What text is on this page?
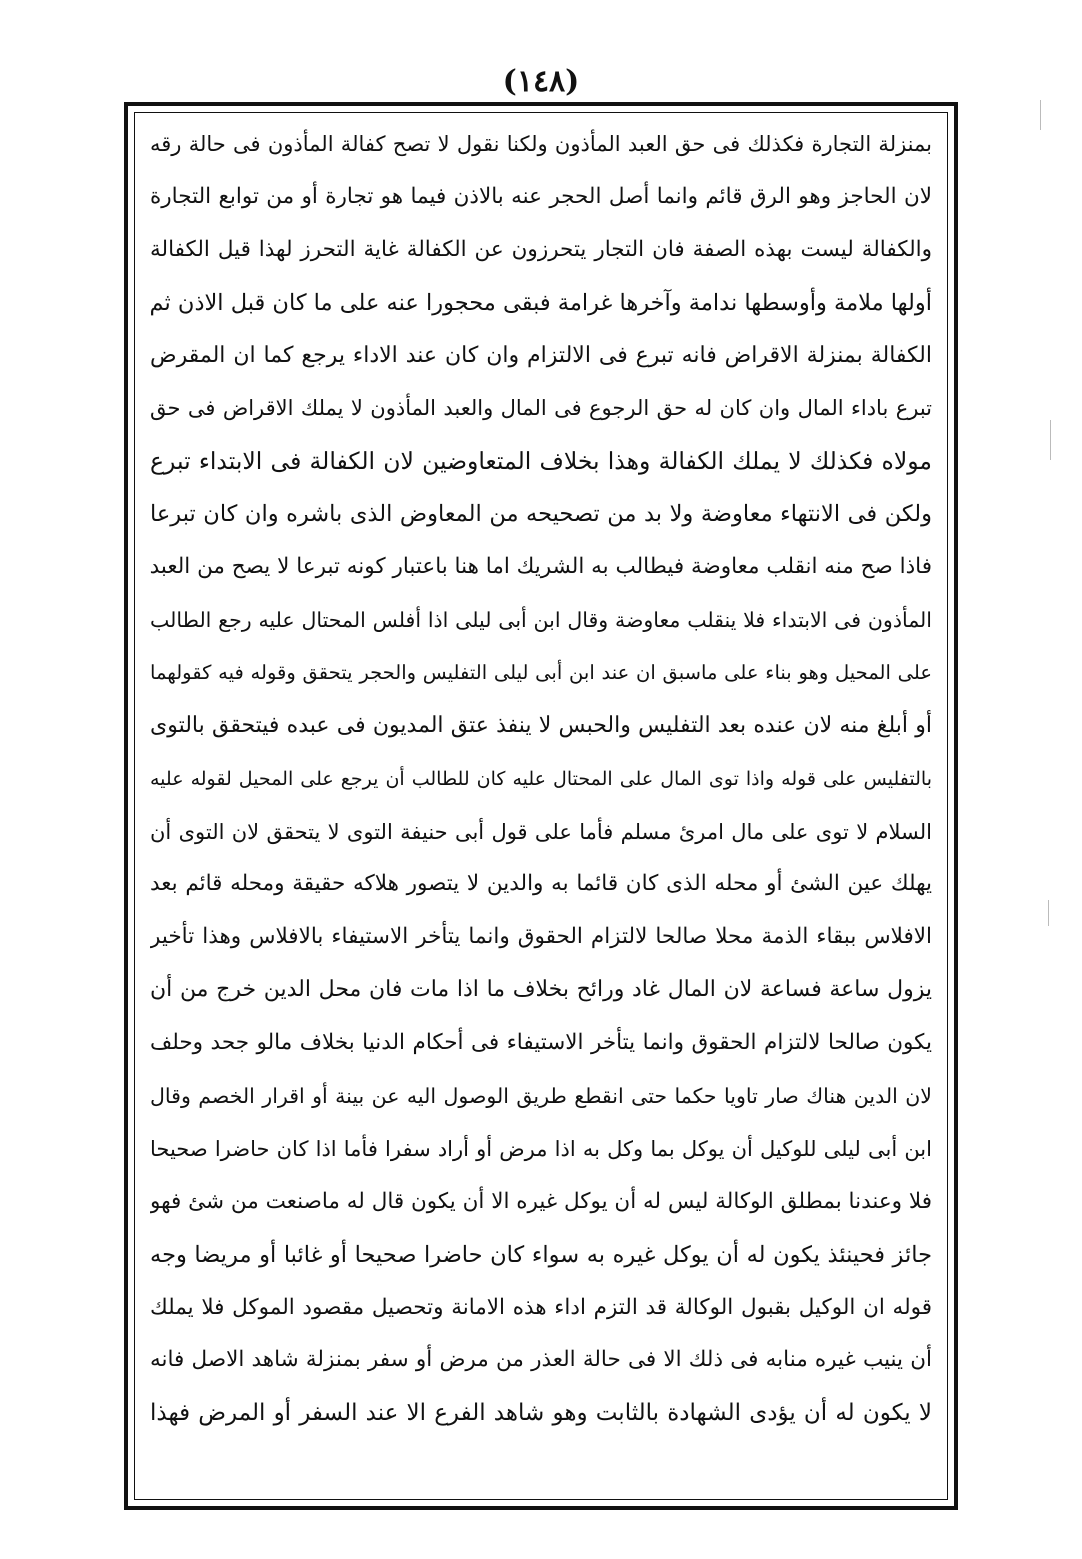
(١٤٨)
بمنزلة التجارة فكذلك فى حق العبد المأذون ولكنا نقول لا تصح كفالة المأذون فى حالة رقه
لان الحاجز وهو الرق قائم وانما أصل الحجر عنه بالاذن فيما هو تجارة أو من توابع التجارة
والكفالة ليست بهذه الصفة فان التجار يتحرزون عن الكفالة غاية التحرز لهذا قيل الكفالة
أولها ملامة وأوسطها ندامة وآخرها غرامة فبقى محجورا عنه على ما كان قبل الاذن ثم
الكفالة بمنزلة الاقراض فانه تبرع فى الالتزام وان كان عند الاداء يرجع كما ان المقرض
تبرع باداء المال وان كان له حق الرجوع فى المال والعبد المأذون لا يملك الاقراض فى حق
مولاه فكذلك لا يملك الكفالة وهذا بخلاف المتعاوضين لان الكفالة فى الابتداء تبرع
ولكن فى الانتهاء معاوضة ولا بد من تصحيحه من المعاوض الذى باشره وان كان تبرعا
فاذا صح منه انقلب معاوضة فيطالب به الشريك اما هنا باعتبار كونه تبرعا لا يصح من العبد
المأذون فى الابتداء فلا ينقلب معاوضة وقال ابن أبى ليلى اذا أفلس المحتال عليه رجع الطالب
على المحيل وهو بناء على ماسبق ان عند ابن أبى ليلى التفليس والحجر يتحقق وقوله فيه كقولهما
أو أبلغ منه لان عنده بعد التفليس والحبس لا ينفذ عتق المديون فى عبده فيتحقق بالتوى
بالتفليس على قوله واذا توى المال على المحتال عليه كان للطالب أن يرجع على المحيل لقوله عليه
السلام لا توى على مال امرئ مسلم فأما على قول أبى حنيفة التوى لا يتحقق لان التوى أن
يهلك عين الشئ أو محله الذى كان قائما به والدين لا يتصور هلاكه حقيقة ومحله قائم بعد
الافلاس ببقاء الذمة محلا صالحا لالتزام الحقوق وانما يتأخر الاستيفاء بالافلاس وهذا تأخير
يزول ساعة فساعة لان المال غاد ورائح بخلاف ما اذا مات فان محل الدين خرج من أن
يكون صالحا لالتزام الحقوق وانما يتأخر الاستيفاء فى أحكام الدنيا بخلاف مالو جحد وحلف
لان الدين هناك صار تاويا حكما حتى انقطع طريق الوصول اليه عن بينة أو اقرار الخصم وقال
ابن أبى ليلى للوكيل أن يوكل بما وكل به اذا مرض أو أراد سفرا فأما اذا كان حاضرا صحيحا
فلا وعندنا بمطلق الوكالة ليس له أن يوكل غيره الا أن يكون قال له ماصنعت من شئ فهو
جائز فحينئذ يكون له أن يوكل غيره به سواء كان حاضرا صحيحا أو غائبا أو مريضا وجه
قوله ان الوكيل بقبول الوكالة قد التزم اداء هذه الامانة وتحصيل مقصود الموكل فلا يملك
أن ينيب غيره منابه فى ذلك الا فى حالة العذر من مرض أو سفر بمنزلة شاهد الاصل فانه
لا يكون له أن يؤدى الشهادة بالثابت وهو شاهد الفرع الا عند السفر أو المرض فهذا
